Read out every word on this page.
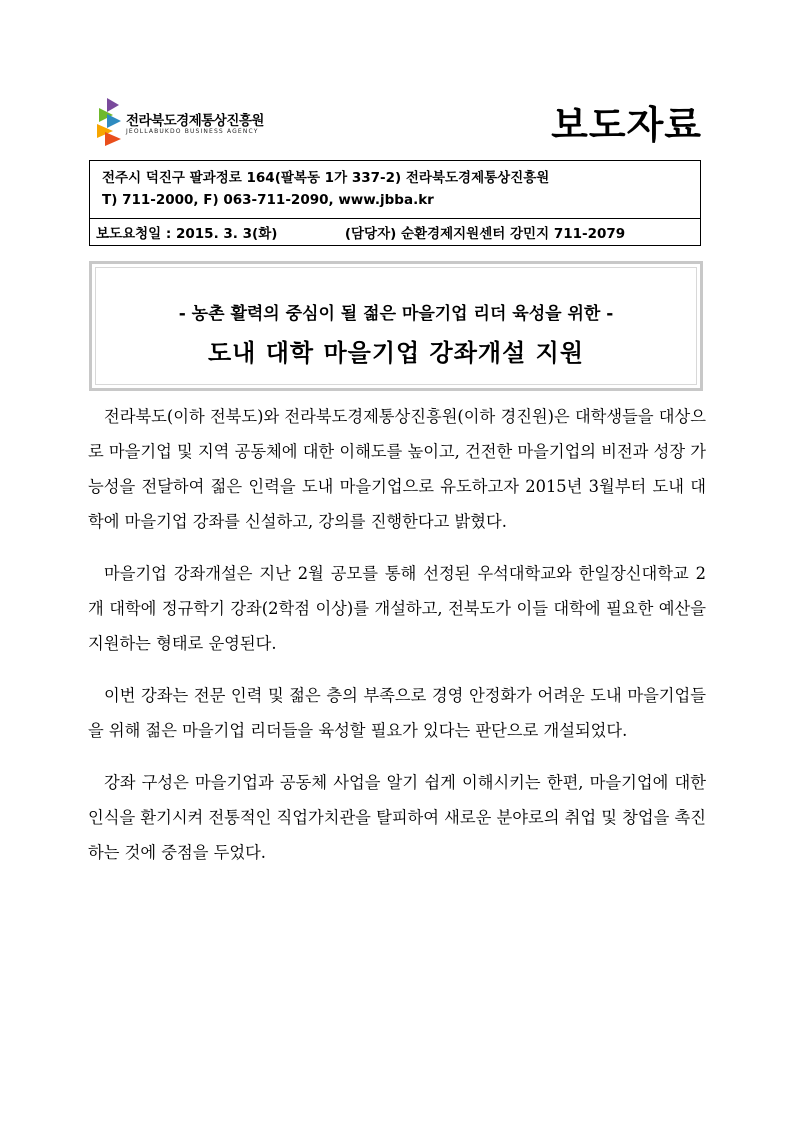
전라북도경제통상진흥원
JEOLLABUKDO BUSINESS AGENCY	보도자료
전주시 덕진구 팔과정로 164(팔복동 1가 337-2) 전라북도경제통상진흥원
T) 711-2000, F) 063-711-2090, www.jbba.kr
보도요청일 : 2015. 3. 3(화)	(담당자) 순환경제지원센터 강민지 711-2079
- 농촌 활력의 중심이 될 젊은 마을기업 리더 육성을 위한 -
도내 대학 마을기업 강좌개설 지원

전라북도(이하 전북도)와 전라북도경제통상진흥원(이하 경진원)은 대학생들을 대상으로 마을기업 및 지역 공동체에 대한 이해도를 높이고, 건전한 마을기업의 비전과 성장 가능성을 전달하여 젊은 인력을 도내 마을기업으로 유도하고자 2015년 3월부터 도내 대학에 마을기업 강좌를 신설하고, 강의를 진행한다고 밝혔다.

마을기업 강좌개설은 지난 2월 공모를 통해 선정된 우석대학교와 한일장신대학교 2개 대학에 정규학기 강좌(2학점 이상)를 개설하고, 전북도가 이들 대학에 필요한 예산을 지원하는 형태로 운영된다.

이번 강좌는 전문 인력 및 젊은 층의 부족으로 경영 안정화가 어려운 도내 마을기업들을 위해 젊은 마을기업 리더들을 육성할 필요가 있다는 판단으로 개설되었다.

강좌 구성은 마을기업과 공동체 사업을 알기 쉽게 이해시키는 한편, 마을기업에 대한 인식을 환기시켜 전통적인 직업가치관을 탈피하여 새로운 분야로의 취업 및 창업을 촉진하는 것에 중점을 두었다.
